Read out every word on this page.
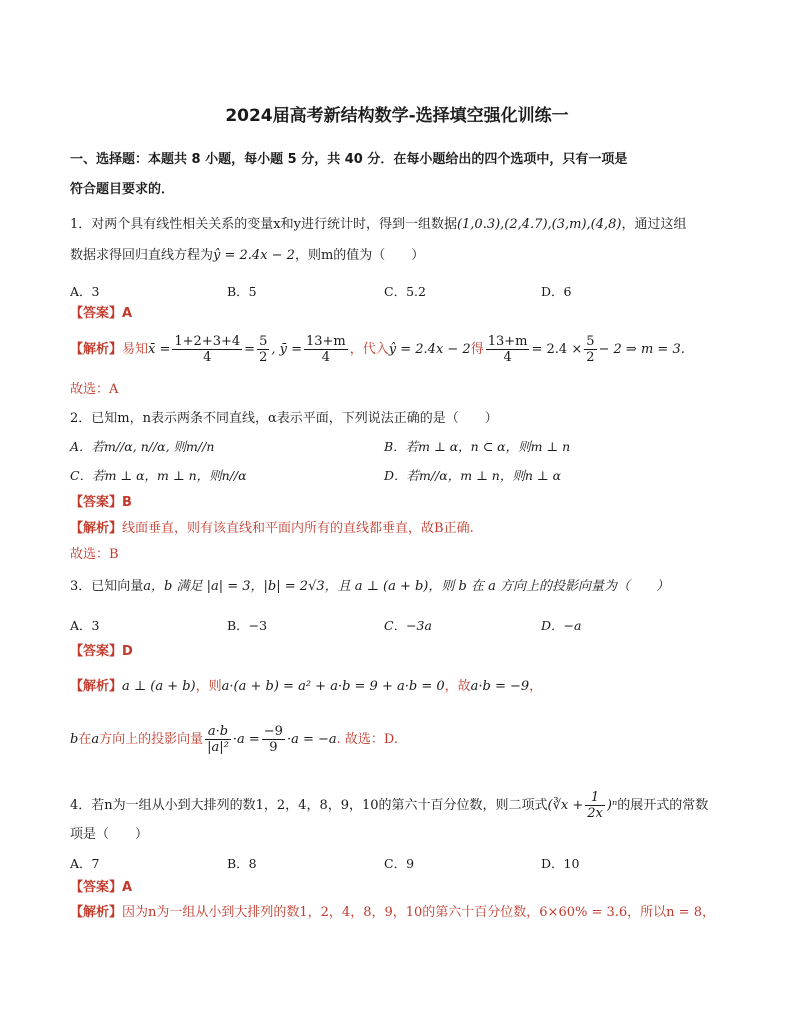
2024届高考新结构数学-选择填空强化训练一
一、选择题：本题共 8 小题，每小题 5 分，共 40 分．在每小题给出的四个选项中，只有一项是
符合题目要求的．
1．对两个具有线性相关关系的变量x和y进行统计时，得到一组数据(1,0.3),(2,4.7),(3,m),(4,8)，通过这组
数据求得回归直线方程为ŷ = 2.4x − 2，则m的值为（　　）
A．3	B．5	C．5.2	D．6
【答案】A
【解析】易知x̄ = $\frac{1+2+3+4}{4} = \frac{5}{2}$ , ȳ = $\frac{13+m}{4}$ ，代入ŷ = 2.4x − 2得 $\frac{13+m}{4} = 2.4 \times \frac{5}{2} - 2$ ⇒ m = 3.
故选：A
2．已知m，n表示两条不同直线，α表示平面，下列说法正确的是（　　）
A．若m//α, n//α, 则m//n	B．若m ⊥ α，n ⊂ α，则m ⊥ n
C．若m ⊥ α，m ⊥ n，则n//α	D．若m//α，m ⊥ n，则n ⊥ α
【答案】B
【解析】线面垂直，则有该直线和平面内所有的直线都垂直，故B正确.
故选：B
3．已知向量a，b 满足 |a| = 3，|b| = 2√3，且 a ⊥ (a + b)，则 b 在 a 方向上的投影向量为（　　）
A．3	B．−3	C．−3a	D．−a
【答案】D
【解析】a ⊥ (a + b)，则a·(a + b) = a² + a·b = 9 + a·b = 0，故a·b = −9，
b在a方向上的投影向量 $\frac{a\cdot b}{\text{|a|²}} \cdot a = \frac{-9}{9} \cdot a = -a$. 故选：D.
4．若n为一组从小到大排列的数1，2，4，8，9，10的第六十百分位数，则二项式(∛x + $\frac{1}{2x} )^n$的展开式的常数
项是（　　）
A．7	B．8	C．9	D．10
【答案】A
【解析】因为n为一组从小到大排列的数1，2，4，8，9，10的第六十百分位数，6×60% = 3.6，所以n = 8，
